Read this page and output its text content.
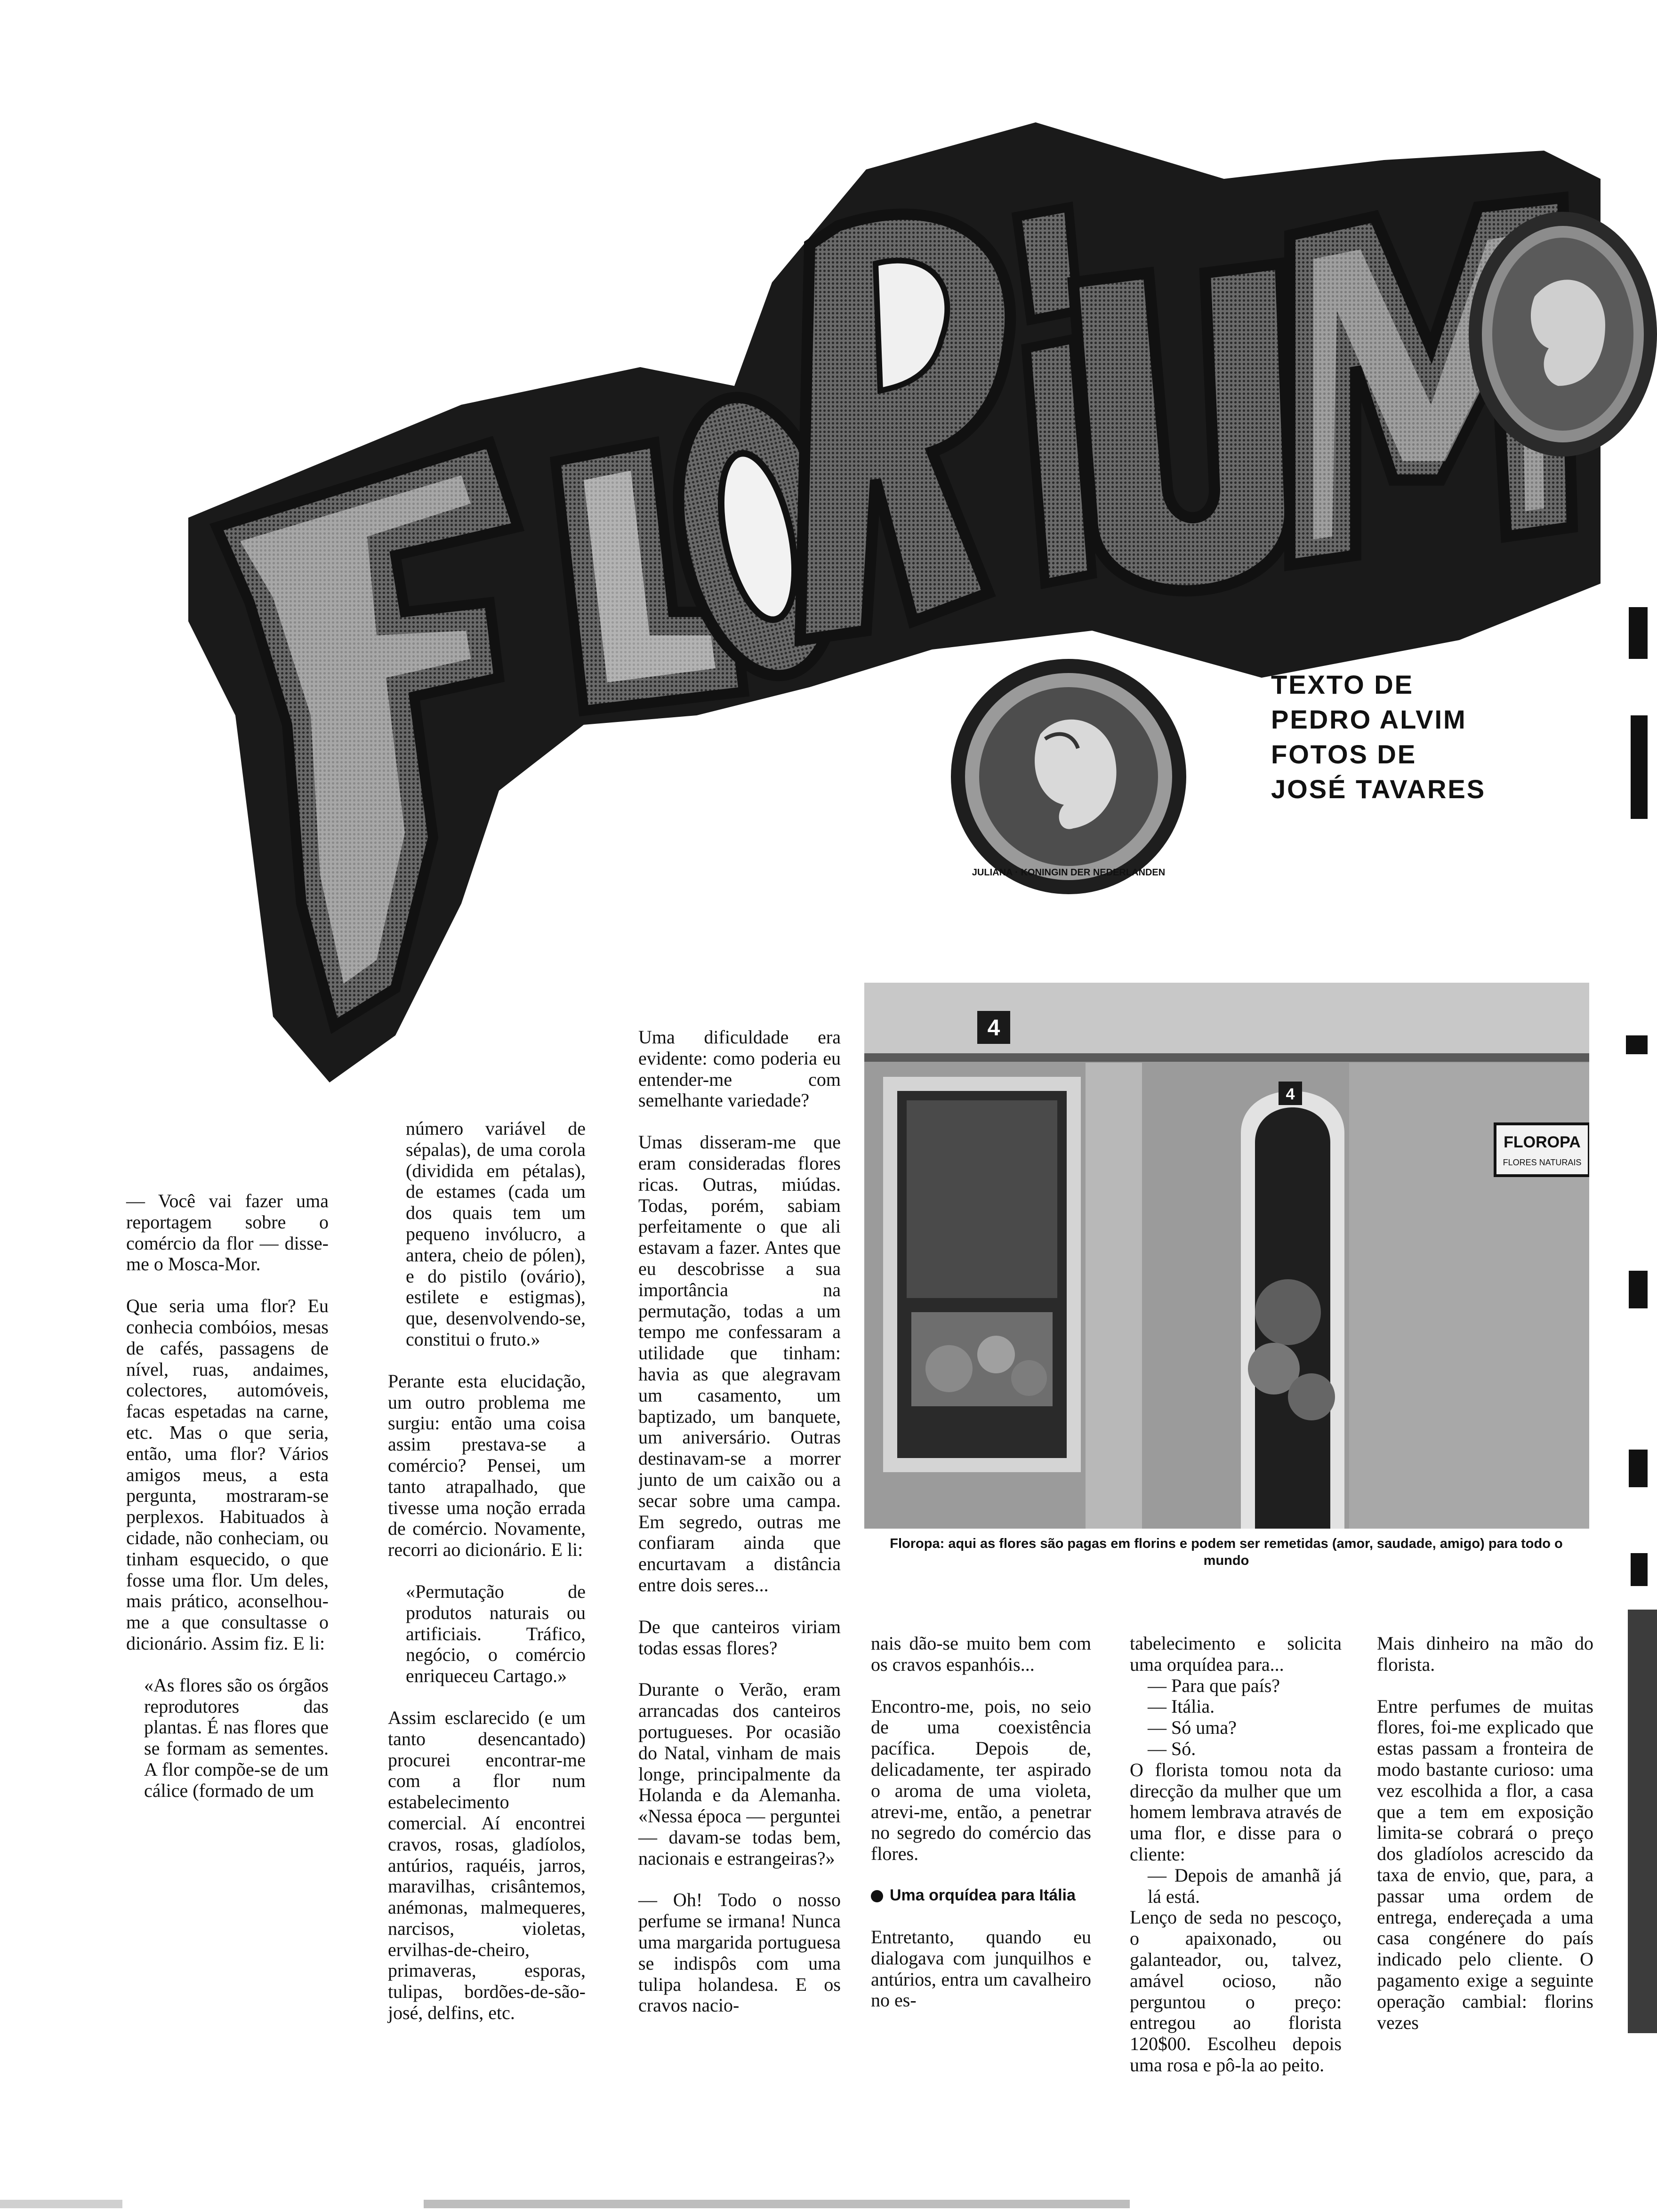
JULIANA · KONINGIN DER NEDERLANDEN
TEXTO DE
PEDRO ALVIM
FOTOS DE
JOSÉ TAVARES
4
4
FLOROPA
FLORES NATURAIS
Floropa: aqui as flores são pagas em florins e podem ser remetidas (amor, saudade, amigo) para todo o mundo

— Você vai fazer uma reportagem sobre o comércio da flor — disse-me o Mosca-Mor.

Que seria uma flor? Eu conhecia combóios, mesas de cafés, passagens de nível, ruas, andaimes, colectores, automóveis, facas espetadas na carne, etc. Mas o que seria, então, uma flor? Vários amigos meus, a esta pergunta, mostraram-se perplexos. Habituados à cidade, não conheciam, ou tinham esquecido, o que fosse uma flor. Um deles, mais prático, aconselhou-me a que consultasse o dicionário. Assim fiz. E li:

«As flores são os órgãos reprodutores das plantas. É nas flores que se formam as sementes. A flor compõe-se de um cálice (formado de um

número variável de sépalas), de uma corola (dividida em pétalas), de estames (cada um dos quais tem um pequeno invólucro, a antera, cheio de pólen), e do pistilo (ovário), estilete e estigmas), que, desenvolvendo-se, constitui o fruto.»

Perante esta elucidação, um outro problema me surgiu: então uma coisa assim prestava-se a comércio? Pensei, um tanto atrapalhado, que tivesse uma noção errada de comércio. Novamente, recorri ao dicionário. E li:

«Permutação de produtos naturais ou artificiais. Tráfico, negócio, o comércio enriqueceu Cartago.»

Assim esclarecido (e um tanto desencantado) procurei encontrar-me com a flor num estabelecimento comercial. Aí encontrei cravos, rosas, gladíolos, antúrios, raquéis, jarros, maravilhas, crisântemos, anémonas, malmequeres, narcisos, violetas, ervilhas-de-cheiro, primaveras, esporas, tulipas, bordões-de-são-josé, delfins, etc.

Uma dificuldade era evidente: como poderia eu entender-me com semelhante variedade?

Umas disseram-me que eram consideradas flores ricas. Outras, miúdas. Todas, porém, sabiam perfeitamente o que ali estavam a fazer. Antes que eu descobrisse a sua importância na permutação, todas a um tempo me confessaram a utilidade que tinham: havia as que alegravam um casamento, um baptizado, um banquete, um aniversário. Outras destinavam-se a morrer junto de um caixão ou a secar sobre uma campa. Em segredo, outras me confiaram ainda que encurtavam a distância entre dois seres...

De que canteiros viriam todas essas flores?

Durante o Verão, eram arrancadas dos canteiros portugueses. Por ocasião do Natal, vinham de mais longe, principalmente da Holanda e da Alemanha. «Nessa época — perguntei — davam-se todas bem, nacionais e estrangeiras?»

— Oh! Todo o nosso perfume se irmana! Nunca uma margarida portuguesa se indispôs com uma tulipa holandesa. E os cravos nacio-

nais dão-se muito bem com os cravos espanhóis...

Encontro-me, pois, no seio de uma coexistência pacífica. Depois de, delicadamente, ter aspirado o aroma de uma violeta, atrevi-me, então, a penetrar no segredo do comércio das flores.

Uma orquídea para Itália

Entretanto, quando eu dialogava com junquilhos e antúrios, entra um cavalheiro no es-

tabelecimento e solicita uma orquídea para...

— Para que país?

— Itália.

— Só uma?

— Só.

O florista tomou nota da direcção da mulher que um homem lembrava através de uma flor, e disse para o cliente:

— Depois de amanhã já lá está.

Lenço de seda no pescoço, o apaixonado, ou galanteador, ou, talvez, amável ocioso, não perguntou o preço: entregou ao florista 120$00. Escolheu depois uma rosa e pô-la ao peito.

Mais dinheiro na mão do florista.

Entre perfumes de muitas flores, foi-me explicado que estas passam a fronteira de modo bastante curioso: uma vez escolhida a flor, a casa que a tem em exposição limita-se cobrará o preço dos gladíolos acrescido da taxa de envio, que, para, a passar uma ordem de entrega, endereçada a uma casa congénere do país indicado pelo cliente. O pagamento exige a seguinte operação cambial: florins vezes
